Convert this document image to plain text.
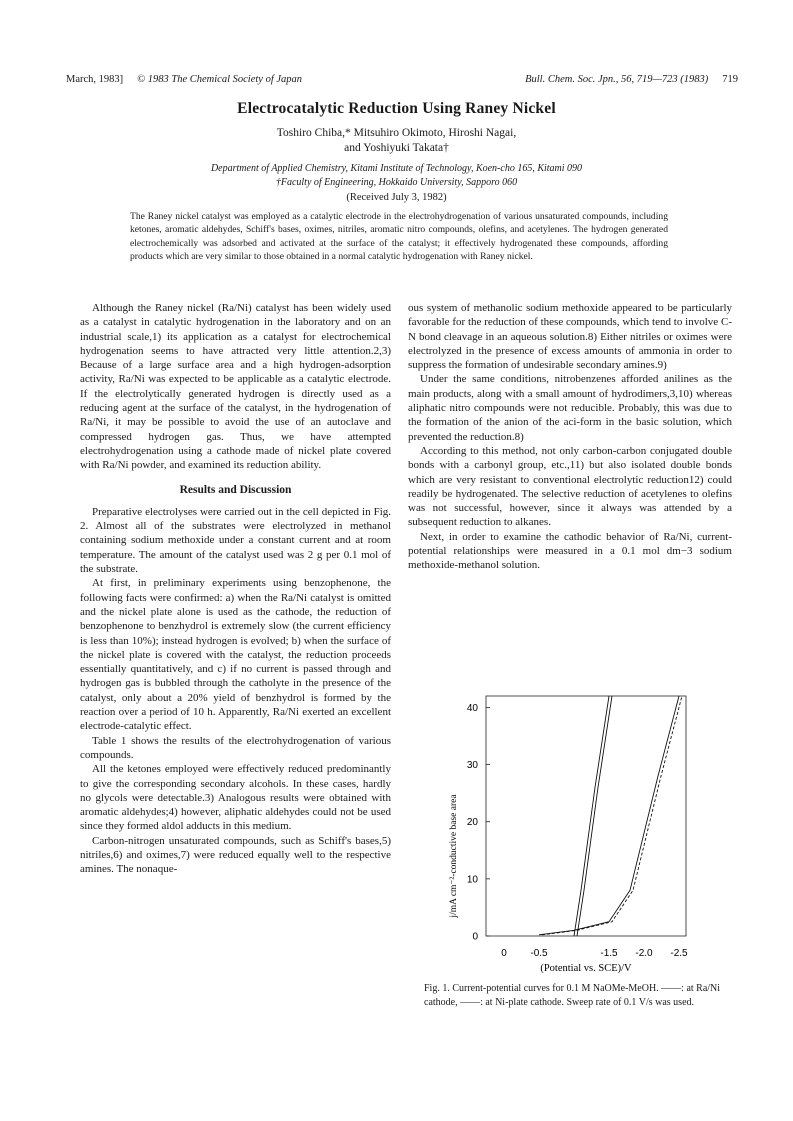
March, 1983] © 1983 The Chemical Society of Japan	Bull. Chem. Soc. Jpn., 56, 719—723 (1983) 719
Electrocatalytic Reduction Using Raney Nickel
Toshiro Chiba,* Mitsuhiro Okimoto, Hiroshi Nagai,
and Yoshiyuki Takata†
Department of Applied Chemistry, Kitami Institute of Technology, Koen-cho 165, Kitami 090
†Faculty of Engineering, Hokkaido University, Sapporo 060
(Received July 3, 1982)
The Raney nickel catalyst was employed as a catalytic electrode in the electrohydrogenation of various unsaturated compounds, including ketones, aromatic aldehydes, Schiff's bases, oximes, nitriles, aromatic nitro compounds, olefins, and acetylenes. The hydrogen generated electrochemically was adsorbed and activated at the surface of the catalyst; it effectively hydrogenated these compounds, affording products which are very similar to those obtained in a normal catalytic hydrogenation with Raney nickel.

Although the Raney nickel (Ra/Ni) catalyst has been widely used as a catalyst in catalytic hydrogenation in the laboratory and on an industrial scale,1) its application as a catalyst for electrochemical hydrogenation seems to have attracted very little attention.2,3) Because of a large surface area and a high hydrogen-adsorption activity, Ra/Ni was expected to be applicable as a catalytic electrode. If the electrolytically generated hydrogen is directly used as a reducing agent at the surface of the catalyst, in the hydrogenation of Ra/Ni, it may be possible to avoid the use of an autoclave and compressed hydrogen gas. Thus, we have attempted electrohydrogenation using a cathode made of nickel plate covered with Ra/Ni powder, and examined its reduction ability.

Results and Discussion

Preparative electrolyses were carried out in the cell depicted in Fig. 2. Almost all of the substrates were electrolyzed in methanol containing sodium methoxide under a constant current and at room temperature. The amount of the catalyst used was 2 g per 0.1 mol of the substrate.

At first, in preliminary experiments using benzophenone, the following facts were confirmed: a) when the Ra/Ni catalyst is omitted and the nickel plate alone is used as the cathode, the reduction of benzophenone to benzhydrol is extremely slow (the current efficiency is less than 10%); instead hydrogen is evolved; b) when the surface of the nickel plate is covered with the catalyst, the reduction proceeds essentially quantitatively, and c) if no current is passed through and hydrogen gas is bubbled through the catholyte in the presence of the catalyst, only about a 20% yield of benzhydrol is formed by the reaction over a period of 10 h. Apparently, Ra/Ni exerted an excellent electrode-catalytic effect.

Table 1 shows the results of the electrohydrogenation of various compounds.

All the ketones employed were effectively reduced predominantly to give the corresponding secondary alcohols. In these cases, hardly no glycols were detectable.3) Analogous results were obtained with aromatic aldehydes;4) however, aliphatic aldehydes could not be used since they formed aldol adducts in this medium.

Carbon-nitrogen unsaturated compounds, such as Schiff's bases,5) nitriles,6) and oximes,7) were reduced equally well to the respective amines. The nonaque-

ous system of methanolic sodium methoxide appeared to be particularly favorable for the reduction of these compounds, which tend to involve C-N bond cleavage in an aqueous solution.8) Either nitriles or oximes were electrolyzed in the presence of excess amounts of ammonia in order to suppress the formation of undesirable secondary amines.9)

Under the same conditions, nitrobenzenes afforded anilines as the main products, along with a small amount of hydrodimers,3,10) whereas aliphatic nitro compounds were not reducible. Probably, this was due to the formation of the anion of the aci-form in the basic solution, which prevented the reduction.8)

According to this method, not only carbon-carbon conjugated double bonds with a carbonyl group, etc.,11) but also isolated double bonds which are very resistant to conventional electrolytic reduction12) could readily be hydrogenated. The selective reduction of acetylenes to olefins was not successful, however, since it always was attended by a subsequent reduction to alkanes.

Next, in order to examine the cathodic behavior of Ra/Ni, current-potential relationships were measured in a 0.1 mol dm−3 sodium methoxide-methanol solution.

j/mA cm⁻²-conductive base area
(Potential vs. SCE)/V
0
10
20
30
40
0 -0.5	-1.5 -2.0 -2.5
Fig. 1. Current-potential curves for 0.1 M NaOMe-MeOH. ——: at Ra/Ni cathode, ——: at Ni-plate cathode. Sweep rate of 0.1 V/s was used.
